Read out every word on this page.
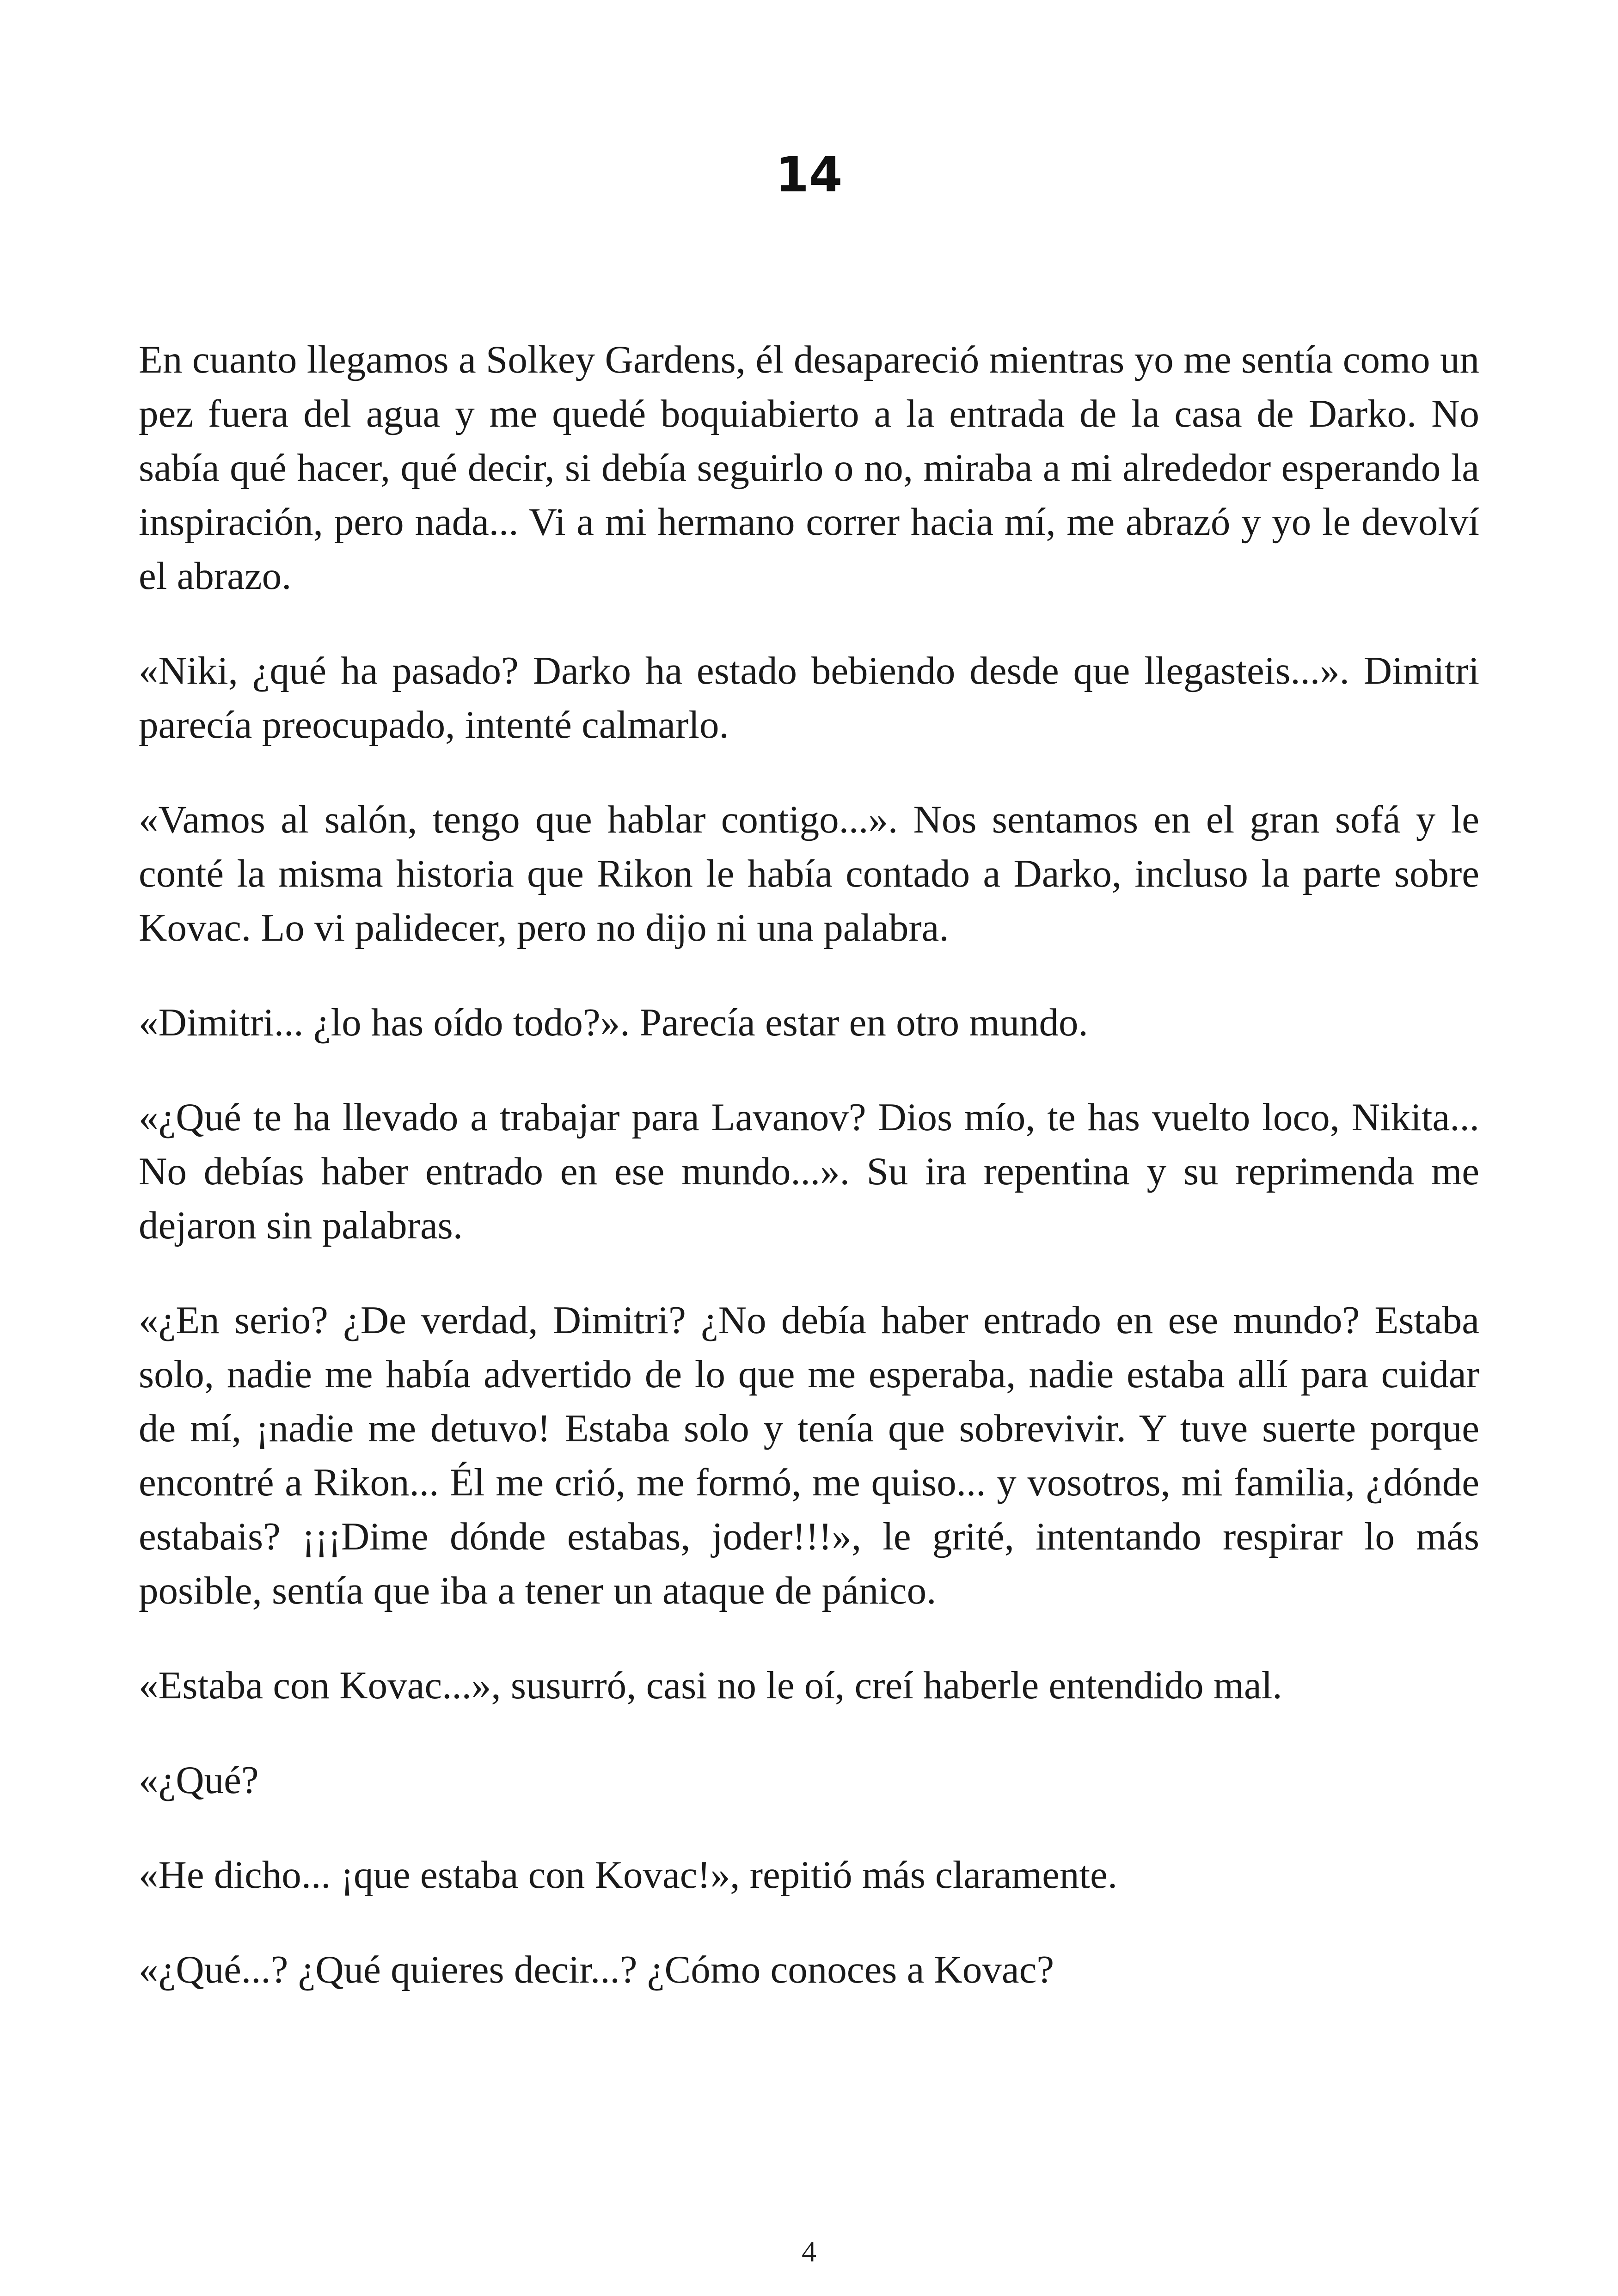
14

En cuanto llegamos a Solkey Gardens, él desapareció mientras yo me sentía como un pez fuera del agua y me quedé boquiabierto a la entrada de la casa de Darko. No sabía qué hacer, qué decir, si debía seguirlo o no, miraba a mi alrededor esperando la inspiración, pero nada... Vi a mi hermano correr hacia mí, me abrazó y yo le devolví el abrazo.

«Niki, ¿qué ha pasado? Darko ha estado bebiendo desde que llegasteis...». Dimitri parecía preocupado, intenté calmarlo.

«Vamos al salón, tengo que hablar contigo...». Nos sentamos en el gran sofá y le conté la misma historia que Rikon le había contado a Darko, incluso la parte sobre Kovac. Lo vi palidecer, pero no dijo ni una palabra.

«Dimitri... ¿lo has oído todo?». Parecía estar en otro mundo.

«¿Qué te ha llevado a trabajar para Lavanov? Dios mío, te has vuelto loco, Nikita... No debías haber entrado en ese mundo...». Su ira repentina y su reprimenda me dejaron sin palabras.

«¿En serio? ¿De verdad, Dimitri? ¿No debía haber entrado en ese mundo? Estaba solo, nadie me había advertido de lo que me esperaba, nadie estaba allí para cuidar de mí, ¡nadie me detuvo! Estaba solo y tenía que sobrevivir. Y tuve suerte porque encontré a Rikon... Él me crió, me formó, me quiso... y vosotros, mi familia, ¿dónde estabais? ¡¡¡Dime dónde estabas, joder!!!», le grité, intentando respirar lo más posible, sentía que iba a tener un ataque de pánico.

«Estaba con Kovac...», susurró, casi no le oí, creí haberle entendido mal.

«¿Qué?

«He dicho... ¡que estaba con Kovac!», repitió más claramente.

«¿Qué...? ¿Qué quieres decir...? ¿Cómo conoces a Kovac?

4
